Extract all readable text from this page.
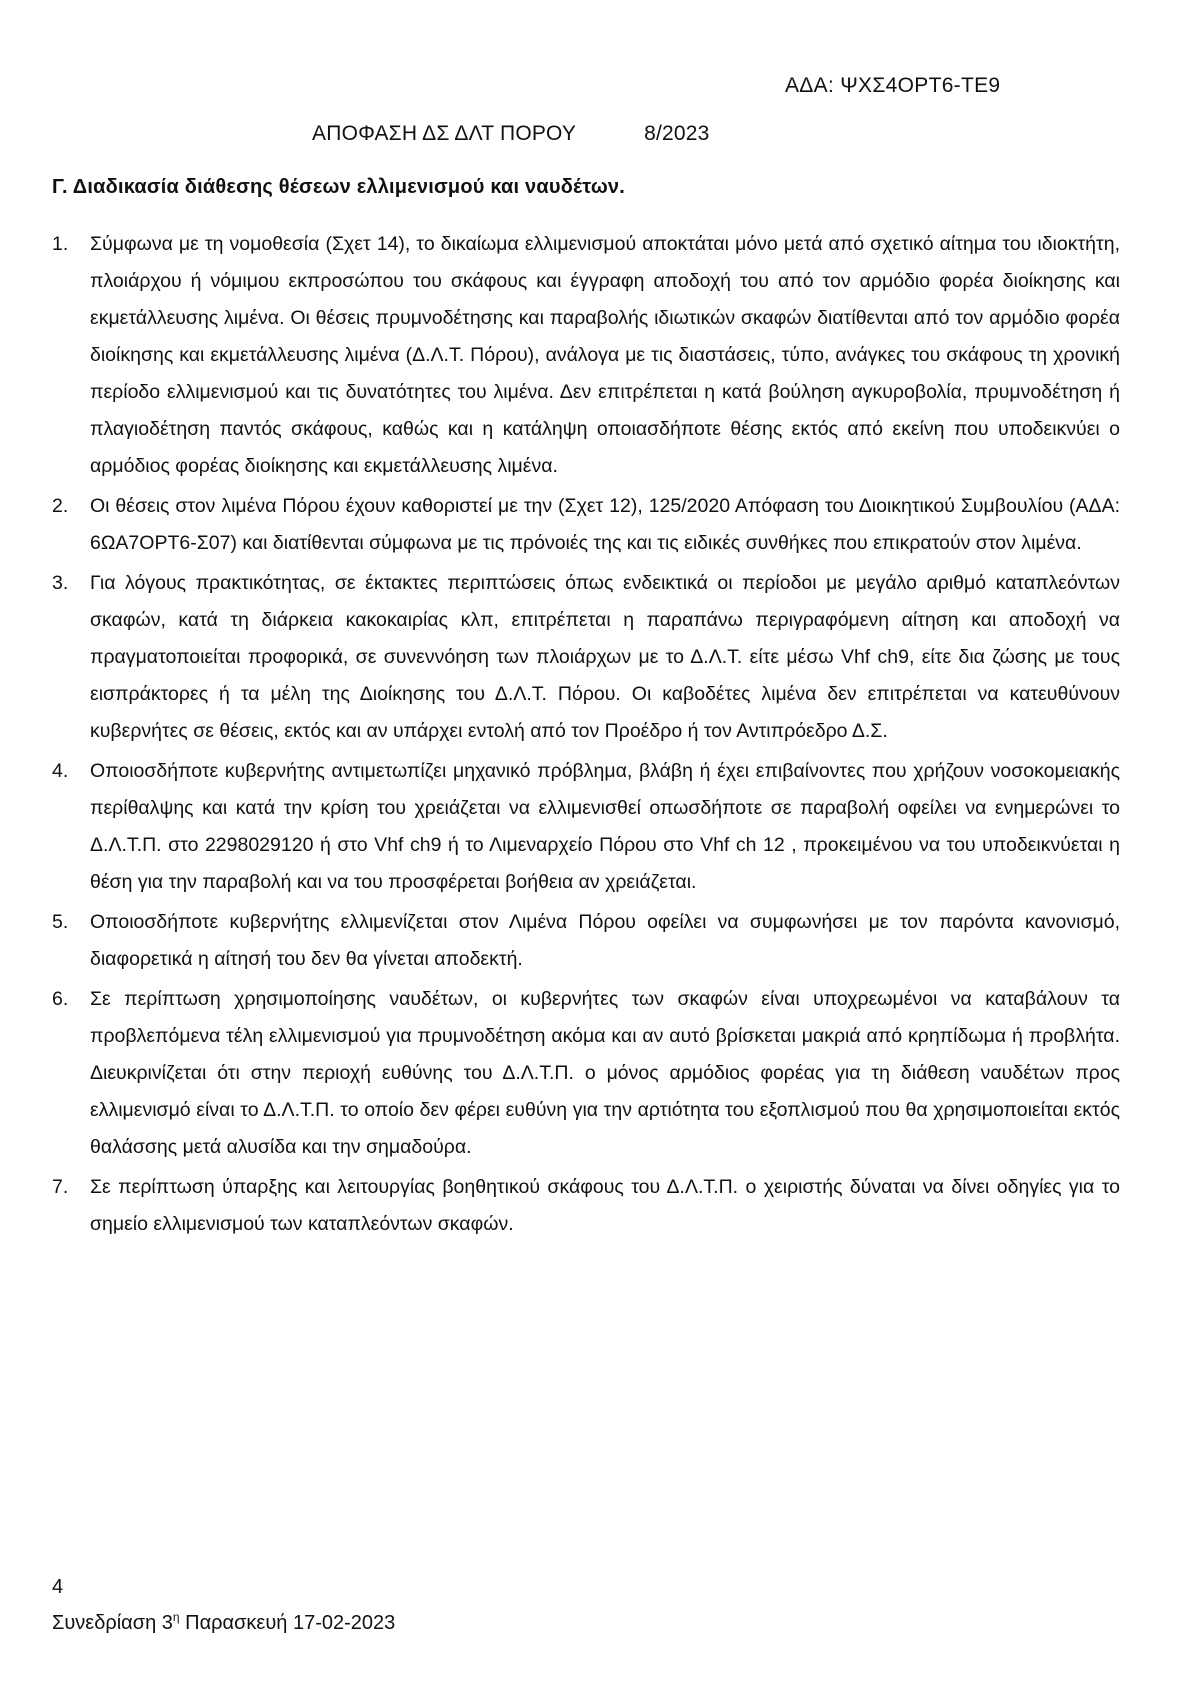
ΑΔΑ: ΨΧΣ4ΟΡΤ6-ΤΕ9
ΑΠΟΦΑΣΗ ΔΣ ΔΛΤ ΠΟΡΟΥ	8/2023
Γ. Διαδικασία διάθεσης θέσεων ελλιμενισμού και ναυδέτων.
1. Σύμφωνα με τη νομοθεσία (Σχετ 14), το δικαίωμα ελλιμενισμού αποκτάται μόνο μετά από σχετικό αίτημα του ιδιοκτήτη, πλοιάρχου ή νόμιμου εκπροσώπου του σκάφους και έγγραφη αποδοχή του από τον αρμόδιο φορέα διοίκησης και εκμετάλλευσης λιμένα. Οι θέσεις πρυμνοδέτησης και παραβολής ιδιωτικών σκαφών διατίθενται από τον αρμόδιο φορέα διοίκησης και εκμετάλλευσης λιμένα (Δ.Λ.Τ. Πόρου), ανάλογα με τις διαστάσεις, τύπο, ανάγκες του σκάφους τη χρονική περίοδο ελλιμενισμού και τις δυνατότητες του λιμένα. Δεν επιτρέπεται η κατά βούληση αγκυροβολία, πρυμνοδέτηση ή πλαγιοδέτηση παντός σκάφους, καθώς και η κατάληψη οποιασδήποτε θέσης εκτός από εκείνη που υποδεικνύει ο αρμόδιος φορέας διοίκησης και εκμετάλλευσης λιμένα.
2. Οι θέσεις στον λιμένα Πόρου έχουν καθοριστεί με την (Σχετ 12), 125/2020 Απόφαση του Διοικητικού Συμβουλίου (ΑΔΑ: 6ΩΑ7ΟΡΤ6-Σ07) και διατίθενται σύμφωνα με τις πρόνοιές της και τις ειδικές συνθήκες που επικρατούν στον λιμένα.
3. Για λόγους πρακτικότητας, σε έκτακτες περιπτώσεις όπως ενδεικτικά οι περίοδοι με μεγάλο αριθμό καταπλεόντων σκαφών, κατά τη διάρκεια κακοκαιρίας κλπ, επιτρέπεται η παραπάνω περιγραφόμενη αίτηση και αποδοχή να πραγματοποιείται προφορικά, σε συνεννόηση των πλοιάρχων με το Δ.Λ.Τ. είτε μέσω Vhf ch9, είτε δια ζώσης με τους εισπράκτορες ή τα μέλη της Διοίκησης του Δ.Λ.Τ. Πόρου. Οι καβοδέτες λιμένα δεν επιτρέπεται να κατευθύνουν κυβερνήτες σε θέσεις, εκτός και αν υπάρχει εντολή από τον Προέδρο ή τον Αντιπρόεδρο Δ.Σ.
4. Οποιοσδήποτε κυβερνήτης αντιμετωπίζει μηχανικό πρόβλημα, βλάβη ή έχει επιβαίνοντες που χρήζουν νοσοκομειακής περίθαλψης και κατά την κρίση του χρειάζεται να ελλιμενισθεί οπωσδήποτε σε παραβολή οφείλει να ενημερώνει το Δ.Λ.Τ.Π. στο 2298029120 ή στο Vhf ch9 ή το Λιμεναρχείο Πόρου στο Vhf ch 12 , προκειμένου να του υποδεικνύεται η θέση για την παραβολή και να του προσφέρεται βοήθεια αν χρειάζεται.
5. Οποιοσδήποτε κυβερνήτης ελλιμενίζεται στον Λιμένα Πόρου οφείλει να συμφωνήσει με τον παρόντα κανονισμό, διαφορετικά η αίτησή του δεν θα γίνεται αποδεκτή.
6. Σε περίπτωση χρησιμοποίησης ναυδέτων, οι κυβερνήτες των σκαφών είναι υποχρεωμένοι να καταβάλουν τα προβλεπόμενα τέλη ελλιμενισμού για πρυμνοδέτηση ακόμα και αν αυτό βρίσκεται μακριά από κρηπίδωμα ή προβλήτα. Διευκρινίζεται ότι στην περιοχή ευθύνης του Δ.Λ.Τ.Π. ο μόνος αρμόδιος φορέας για τη διάθεση ναυδέτων προς ελλιμενισμό είναι το Δ.Λ.Τ.Π. το οποίο δεν φέρει ευθύνη για την αρτιότητα του εξοπλισμού που θα χρησιμοποιείται εκτός θαλάσσης μετά αλυσίδα και την σημαδούρα.
7. Σε περίπτωση ύπαρξης και λειτουργίας βοηθητικού σκάφους του Δ.Λ.Τ.Π. ο χειριστής δύναται να δίνει οδηγίες για το σημείο ελλιμενισμού των καταπλεόντων σκαφών.
4
Συνεδρίαση $3^\eta$ Παρασκευή 17-02-2023
